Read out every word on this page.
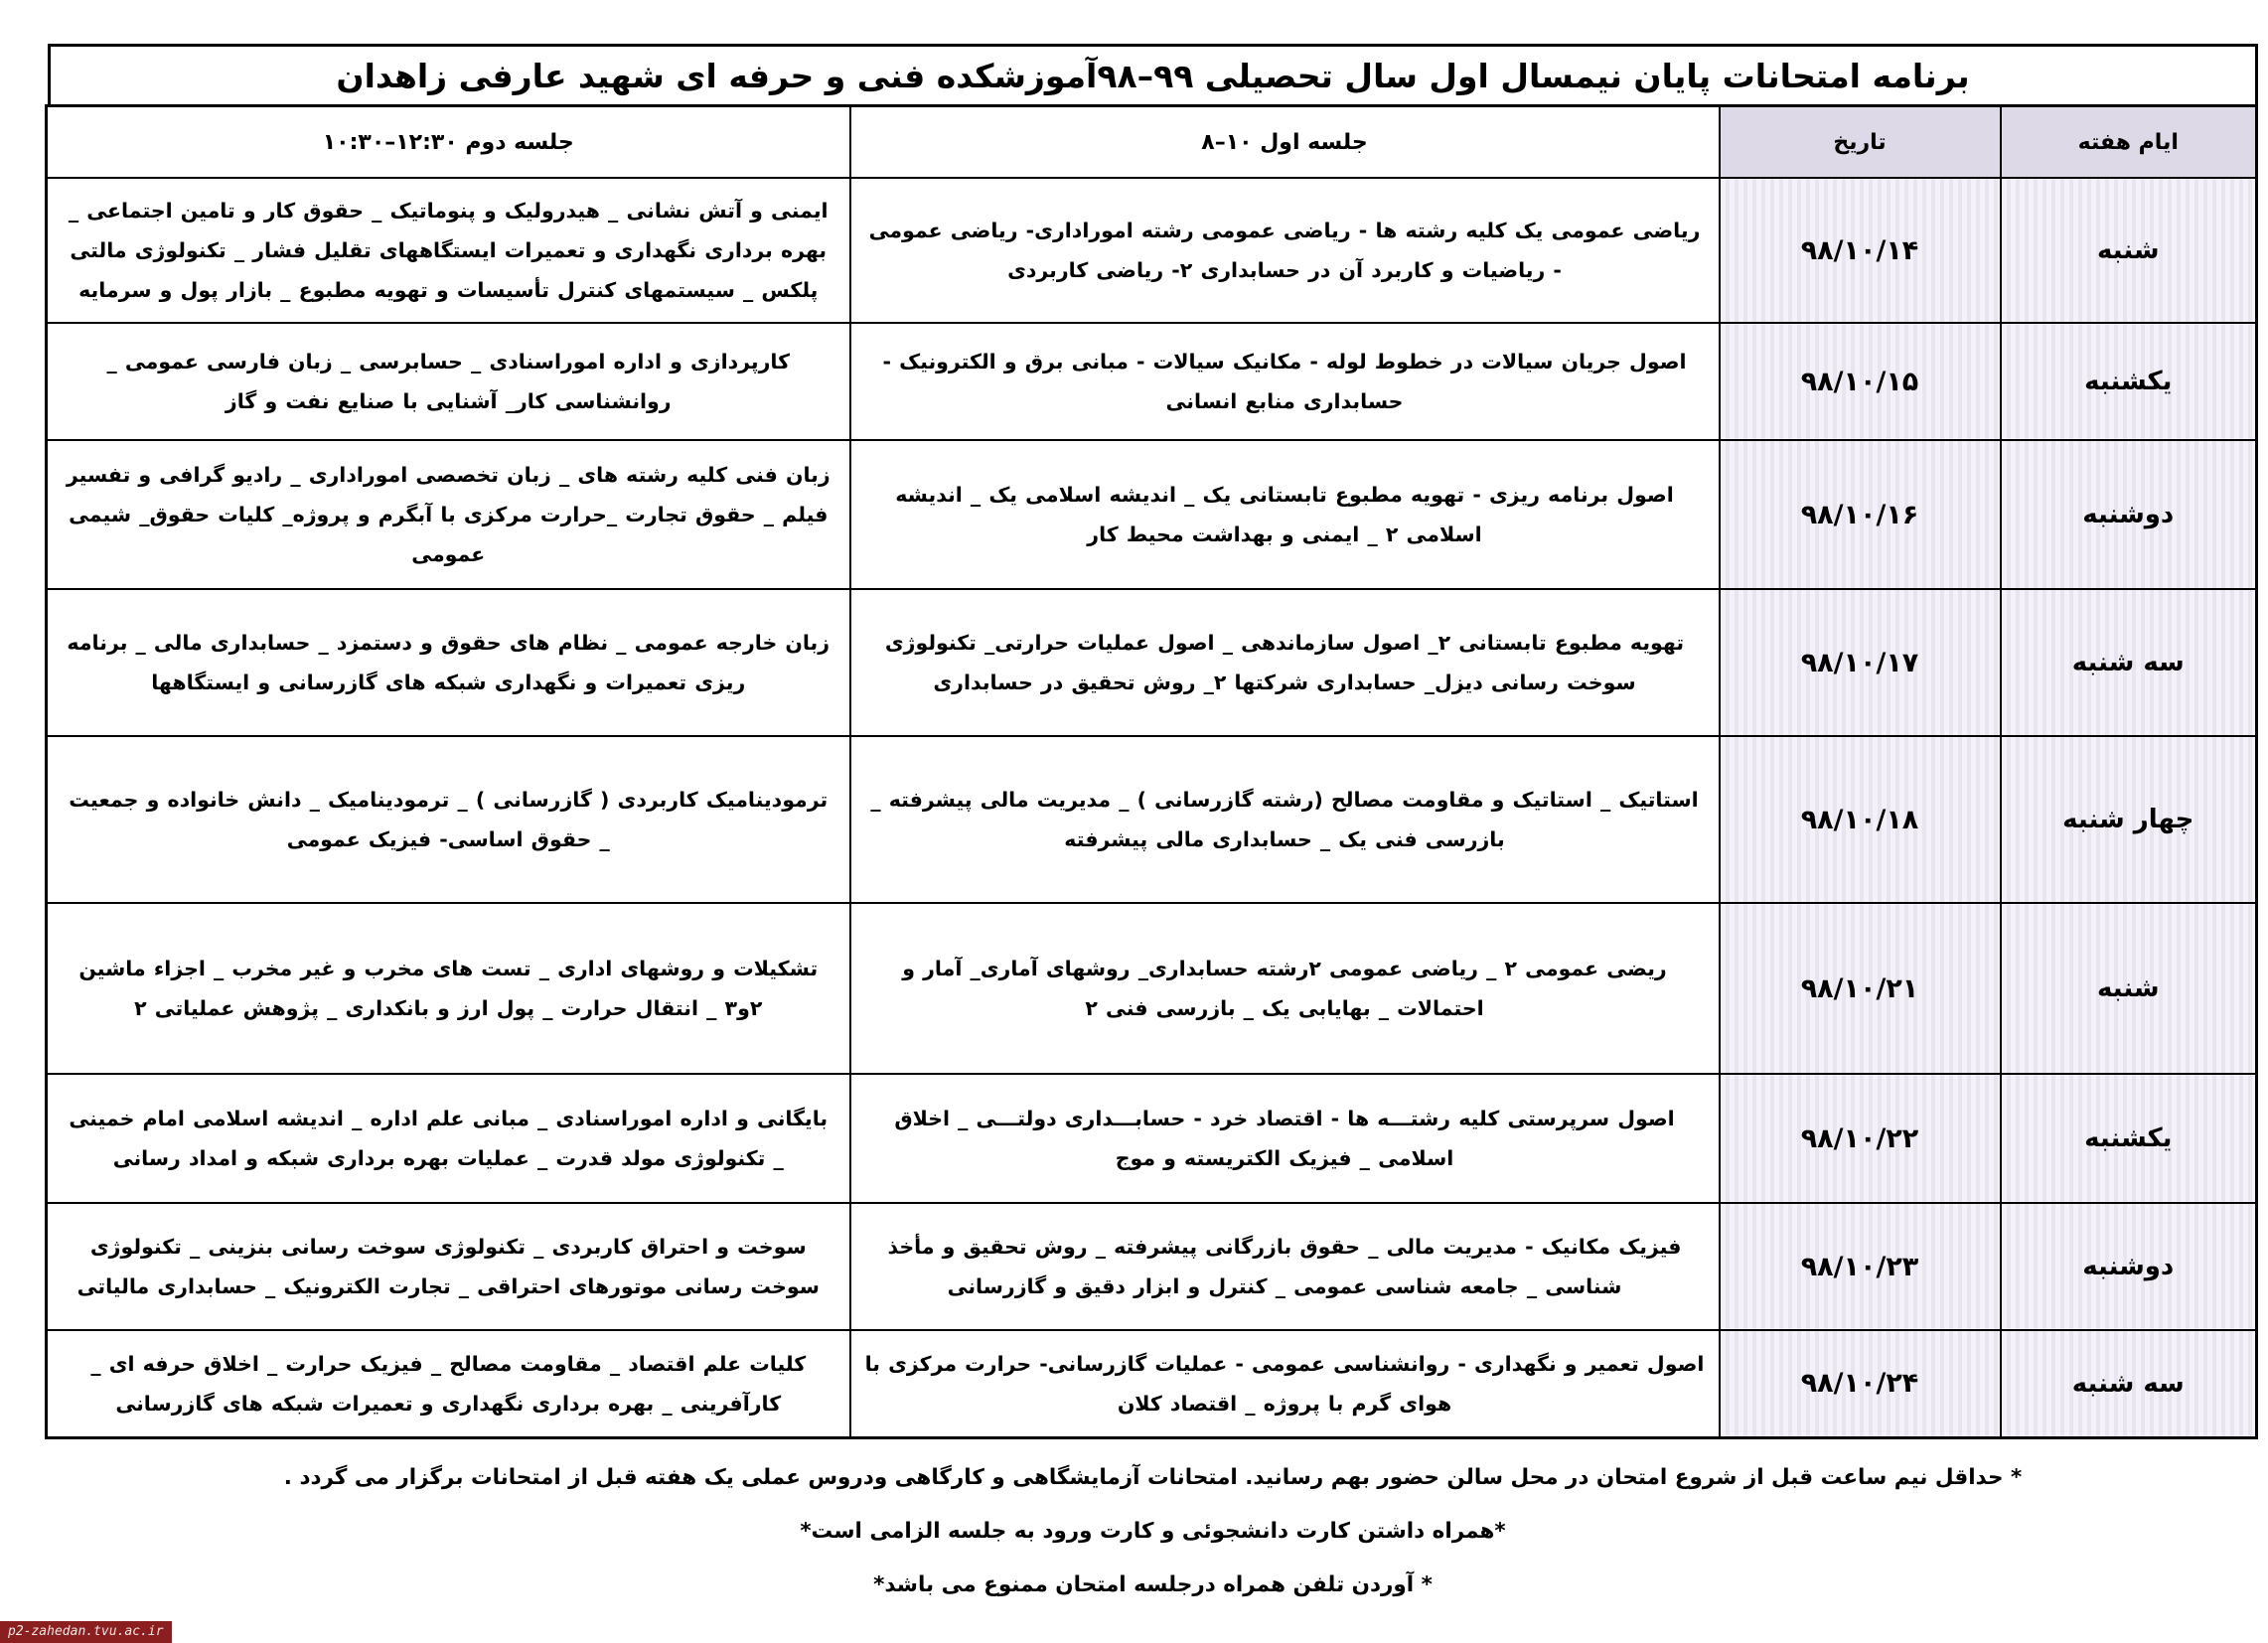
برنامه امتحانات پایان نیمسال اول سال تحصیلی ۹۹–۹۸آموزشکده فنی و حرفه ای شهید عارفی زاهدان
ایام هفته	تاریخ	جلسه اول ۱۰–۸	جلسه دوم ۱۲:۳۰–۱۰:۳۰
شنبه	۹۸/۱۰/۱۴	ریاضی عمومی یک کلیه رشته ها - ریاضی عمومی رشته اموراداری- ریاضی عمومی - ریاضیات و کاربرد آن در حسابداری ۲- ریاضی کاربردی	ایمنی و آتش نشانی _ هیدرولیک و پنوماتیک _ حقوق کار و تامین اجتماعی _ بهره برداری نگهداری و تعمیرات ایستگاههای تقلیل فشار _ تکنولوژی مالتی پلکس _ سیستمهای کنترل تأسیسات و تهویه مطبوع _ بازار پول و سرمایه
یکشنبه	۹۸/۱۰/۱۵	اصول جریان سیالات در خطوط لوله - مکانیک سیالات - مبانی برق و الکترونیک - حسابداری منابع انسانی	کارپردازی و اداره اموراسنادی _ حسابرسی _ زبان فارسی عمومی _ روانشناسی کار_ آشنایی با صنایع نفت و گاز
دوشنبه	۹۸/۱۰/۱۶	اصول برنامه ریزی - تهویه مطبوع تابستانی یک _ اندیشه اسلامی یک _ اندیشه اسلامی ۲ _ ایمنی و بهداشت محیط کار	زبان فنی کلیه رشته های _ زبان تخصصی اموراداری _ رادیو گرافی و تفسیر فیلم _ حقوق تجارت _حرارت مرکزی با آبگرم و پروژه_ کلیات حقوق_ شیمی عمومی
سه شنبه	۹۸/۱۰/۱۷	تهویه مطبوع تابستانی ۲_ اصول سازماندهی _ اصول عملیات حرارتی_ تکنولوژی سوخت رسانی دیزل_ حسابداری شرکتها ۲_ روش تحقیق در حسابداری	زبان خارجه عمومی _ نظام های حقوق و دستمزد _ حسابداری مالی _ برنامه ریزی تعمیرات و نگهداری شبکه های گازرسانی و ایستگاهها
چهار شنبه	۹۸/۱۰/۱۸	استاتیک _ استاتیک و مقاومت مصالح (رشته گازرسانی ) _ مدیریت مالی پیشرفته _ بازرسی فنی یک _ حسابداری مالی پیشرفته	ترمودینامیک کاربردی ( گازرسانی ) _ ترمودینامیک _ دانش خانواده و جمعیت _ حقوق اساسی- فیزیک عمومی
شنبه	۹۸/۱۰/۲۱	ریضی عمومی ۲ _ ریاضی عمومی ۲رشته حسابداری_ روشهای آماری_ آمار و احتمالات _ بهایابی یک _ بازرسی فنی ۲	تشکیلات و روشهای اداری _ تست های مخرب و غیر مخرب _ اجزاء ماشین ۲و۳ _ انتقال حرارت _ پول ارز و بانکداری _ پژوهش عملیاتی ۲
یکشنبه	۹۸/۱۰/۲۲	اصول سرپرستی کلیه رشتـــه ها - اقتصاد خرد - حسابـــداری دولتـــی _ اخلاق اسلامی _ فیزیک الکتریسته و موج	بایگانی و اداره اموراسنادی _ مبانی علم اداره _ اندیشه اسلامی امام خمینی _ تکنولوژی مولد قدرت _ عملیات بهره برداری شبکه و امداد رسانی
دوشنبه	۹۸/۱۰/۲۳	فیزیک مکانیک - مدیریت مالی _ حقوق بازرگانی پیشرفته _ روش تحقیق و مأخذ شناسی _ جامعه شناسی عمومی _ کنترل و ابزار دقیق و گازرسانی	سوخت و احتراق کاربردی _ تکنولوژی سوخت رسانی بنزینی _ تکنولوژی سوخت رسانی موتورهای احتراقی _ تجارت الکترونیک _ حسابداری مالیاتی
سه شنبه	۹۸/۱۰/۲۴	اصول تعمیر و نگهداری - روانشناسی عمومی - عملیات گازرسانی- حرارت مرکزی با هوای گرم با پروژه _ اقتصاد کلان	کلیات علم اقتصاد _ مقاومت مصالح _ فیزیک حرارت _ اخلاق حرفه ای _ کارآفرینی _ بهره برداری نگهداری و تعمیرات شبکه های گازرسانی
* حداقل نیم ساعت قبل از شروع امتحان در محل سالن حضور بهم رسانید. امتحانات آزمایشگاهی و کارگاهی ودروس عملی یک هفته قبل از امتحانات برگزار می گردد .
*همراه داشتن کارت دانشجوئی و کارت ورود به جلسه الزامی است*
* آوردن تلفن همراه درجلسه امتحان ممنوع می باشد*
p2-zahedan.tvu.ac.ir
